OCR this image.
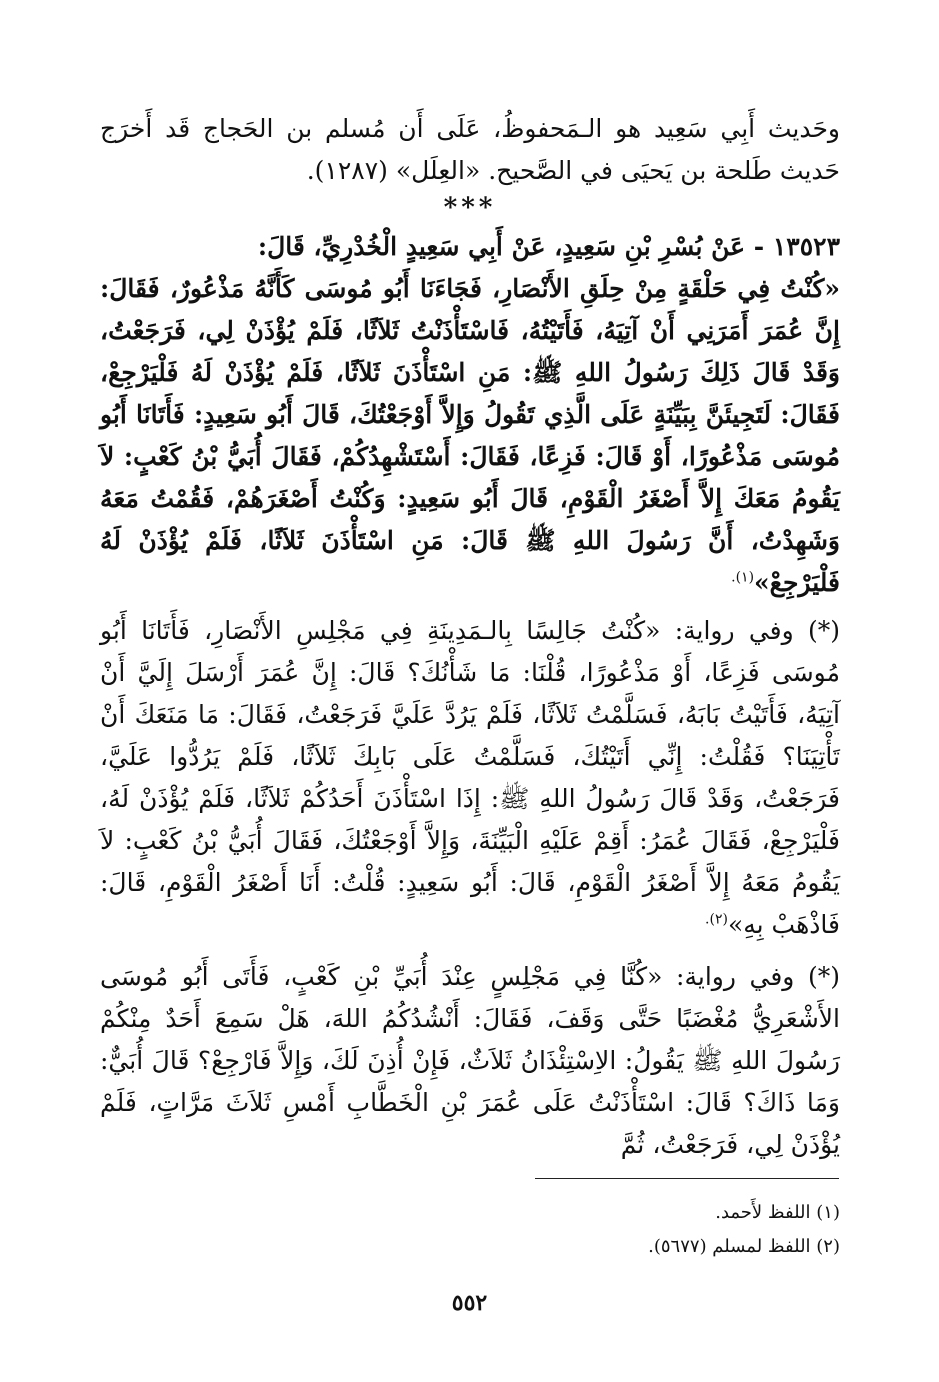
وحَديث أَبِي سَعِيد هو الـمَحفوظُ، عَلَى أَن مُسلم بن الحَجاج قَد أَخرَج حَديث طَلحة بن يَحيَى في الصَّحيح. «العِلَل» (١٢٨٧).

***

١٣٥٢٣ - عَنْ بُسْرِ بْنِ سَعِيدٍ، عَنْ أَبِي سَعِيدٍ الْخُدْرِيِّ، قَالَ:

«كُنْتُ فِي حَلْقَةٍ مِنْ حِلَقِ الأَنْصَارِ، فَجَاءَنَا أَبُو مُوسَى كَأَنَّهُ مَذْعُورٌ، فَقَالَ: إِنَّ عُمَرَ أَمَرَنِي أَنْ آتِيَهُ، فَأَتَيْتُهُ، فَاسْتَأْذَنْتُ ثَلاَثًا، فَلَمْ يُؤْذَنْ لِي، فَرَجَعْتُ، وَقَدْ قَالَ ذَلِكَ رَسُولُ اللهِ ﷺ: مَنِ اسْتَأْذَنَ ثَلاَثًا، فَلَمْ يُؤْذَنْ لَهُ فَلْيَرْجِعْ، فَقَالَ: لَتَجِيئَنَّ بِبَيِّنَةٍ عَلَى الَّذِي تَقُولُ وَإِلاَّ أَوْجَعْتُكَ، قَالَ أَبُو سَعِيدٍ: فَأَتَانَا أَبُو مُوسَى مَذْعُورًا، أَوْ قَالَ: فَزِعًا، فَقَالَ: أَسْتَشْهِدُكُمْ، فَقَالَ أُبَيُّ بْنُ كَعْبٍ: لاَ يَقُومُ مَعَكَ إِلاَّ أَصْغَرُ الْقَوْمِ، قَالَ أَبُو سَعِيدٍ: وَكُنْتُ أَصْغَرَهُمْ، فَقُمْتُ مَعَهُ وَشَهِدْتُ، أَنَّ رَسُولَ اللهِ ﷺ قَالَ: مَنِ اسْتَأْذَنَ ثَلاَثًا، فَلَمْ يُؤْذَنْ لَهُ فَلْيَرْجِعْ»$^{(١).}$

(*) وفي رواية: «كُنْتُ جَالِسًا بِالـمَدِينَةِ فِي مَجْلِسِ الأَنْصَارِ، فَأَتَانَا أَبُو مُوسَى فَزِعًا، أَوْ مَذْعُورًا، قُلْنَا: مَا شَأْنُكَ؟ قَالَ: إِنَّ عُمَرَ أَرْسَلَ إِلَيَّ أَنْ آتِيَهُ، فَأَتَيْتُ بَابَهُ، فَسَلَّمْتُ ثَلاَثًا، فَلَمْ يَرُدَّ عَلَيَّ فَرَجَعْتُ، فَقَالَ: مَا مَنَعَكَ أَنْ تَأْتِيَنَا؟ فَقُلْتُ: إِنِّي أَتَيْتُكَ، فَسَلَّمْتُ عَلَى بَابِكَ ثَلاَثًا، فَلَمْ يَرُدُّوا عَلَيَّ، فَرَجَعْتُ، وَقَدْ قَالَ رَسُولُ اللهِ ﷺ: إِذَا اسْتَأْذَنَ أَحَدُكُمْ ثَلاَثًا، فَلَمْ يُؤْذَنْ لَهُ، فَلْيَرْجِعْ، فَقَالَ عُمَرُ: أَقِمْ عَلَيْهِ الْبَيِّنَةَ، وَإِلاَّ أَوْجَعْتُكَ، فَقَالَ أُبَيُّ بْنُ كَعْبٍ: لاَ يَقُومُ مَعَهُ إِلاَّ أَصْغَرُ الْقَوْمِ، قَالَ: أَبُو سَعِيدٍ: قُلْتُ: أَنَا أَصْغَرُ الْقَوْمِ، قَالَ: فَاذْهَبْ بِهِ»$^{(٢).}$

(*) وفي رواية: «كُنَّا فِي مَجْلِسٍ عِنْدَ أُبَيِّ بْنِ كَعْبٍ، فَأَتَى أَبُو مُوسَى الأَشْعَرِيُّ مُغْضَبًا حَتَّى وَقَفَ، فَقَالَ: أَنْشُدُكُمُ اللهَ، هَلْ سَمِعَ أَحَدٌ مِنْكُمْ رَسُولَ اللهِ ﷺ يَقُولُ: الاِسْتِئْذَانُ ثَلاَثٌ، فَإِنْ أُذِنَ لَكَ، وَإِلاَّ فَارْجِعْ؟ قَالَ أُبَيٌّ: وَمَا ذَاكَ؟ قَالَ: اسْتَأْذَنْتُ عَلَى عُمَرَ بْنِ الْخَطَّابِ أَمْسِ ثَلاَثَ مَرَّاتٍ، فَلَمْ يُؤْذَنْ لِي، فَرَجَعْتُ، ثُمَّ

(١) اللفظ لأَحمد.

(٢) اللفظ لمسلم (٥٦٧٧).

٥٥٢
